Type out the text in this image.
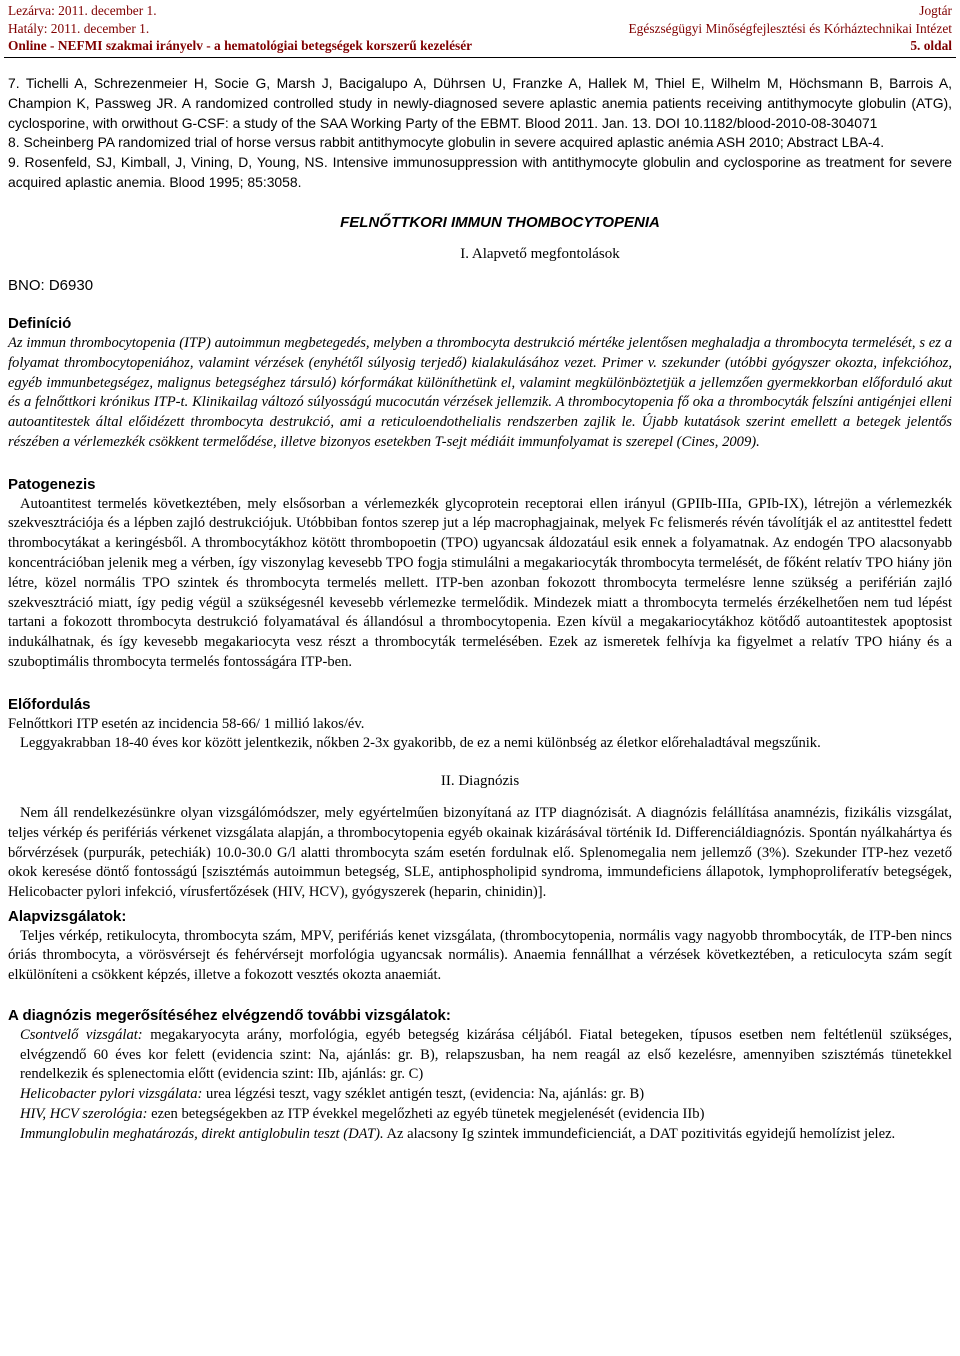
Lezárva: 2011. december 1.
Hatály: 2011. december 1.
Online - NEFMI szakmai irányelv - a hematológiai betegségek korszerű kezelésér
Jogtár
Egészségügyi Minőségfejlesztési és Kórháztechnikai Intézet
5. oldal

7. Tichelli A, Schrezenmeier H, Socie G, Marsh J, Bacigalupo A, Dührsen U, Franzke A, Hallek M, Thiel E, Wilhelm M, Höchsmann B, Barrois A, Champion K, Passweg JR. A randomized controlled study in newly-diagnosed severe aplastic anemia patients receiving antithymocyte globulin (ATG), cyclosporine, with orwithout G-CSF: a study of the SAA Working Party of the EBMT. Blood 2011. Jan. 13. DOI 10.1182/blood-2010-08-304071

8. Scheinberg PA randomized trial of horse versus rabbit antithymocyte globulin in severe acquired aplastic anémia ASH 2010; Abstract LBA-4.

9. Rosenfeld, SJ, Kimball, J, Vining, D, Young, NS. Intensive immunosuppression with antithymocyte globulin and cyclosporine as treatment for severe acquired aplastic anemia. Blood 1995; 85:3058.

FELNŐTTKORI IMMUN THOMBOCYTOPENIA
I. Alapvető megfontolások
BNO: D6930
Definíció

Az immun thrombocytopenia (ITP) autoimmun megbetegedés, melyben a thrombocyta destrukció mértéke jelentősen meghaladja a thrombocyta termelését, s ez a folyamat thrombocytopeniához, valamint vérzések (enyhétől súlyosig terjedő) kialakulásához vezet. Primer v. szekunder (utóbbi gyógyszer okozta, infekcióhoz, egyéb immunbetegségez, malignus betegséghez társuló) kórformákat különíthetünk el, valamint megkülönböztetjük a jellemzően gyermekkorban előforduló akut és a felnőttkori krónikus ITP-t. Klinikailag változó súlyosságú mucocután vérzések jellemzik. A thrombocytopenia fő oka a thrombocyták felszíni antigénjei elleni autoantitestek által előidézett thrombocyta destrukció, ami a reticuloendothelialis rendszerben zajlik le. Újabb kutatások szerint emellett a betegek jelentős részében a vérlemezkék csökkent termelődése, illetve bizonyos esetekben T-sejt médiáit immunfolyamat is szerepel (Cines, 2009).

Patogenezis

Autoantitest termelés következtében, mely elsősorban a vérlemezkék glycoprotein receptorai ellen irányul (GPIIb-IIIa, GPIb-IX), létrejön a vérlemezkék szekvesztrációja és a lépben zajló destrukciójuk. Utóbbiban fontos szerep jut a lép macrophagjainak, melyek Fc felismerés révén távolítják el az antitesttel fedett thrombocytákat a keringésből. A thrombocytákhoz kötött thrombopoetin (TPO) ugyancsak áldozatául esik ennek a folyamatnak. Az endogén TPO alacsonyabb koncentrációban jelenik meg a vérben, így viszonylag kevesebb TPO fogja stimulálni a megakariocyták thrombocyta termelését, de főként relatív TPO hiány jön létre, közel normális TPO szintek és thrombocyta termelés mellett. ITP-ben azonban fokozott thrombocyta termelésre lenne szükség a periférián zajló szekvesztráció miatt, így pedig végül a szükségesnél kevesebb vérlemezke termelődik. Mindezek miatt a thrombocyta termelés érzékelhetően nem tud lépést tartani a fokozott thrombocyta destrukció folyamatával és állandósul a thrombocytopenia. Ezen kívül a megakariocytákhoz kötődő autoantitestek apoptosist indukálhatnak, és így kevesebb megakariocyta vesz részt a thrombocyták termelésében. Ezek az ismeretek felhívja ka figyelmet a relatív TPO hiány és a szuboptimális thrombocyta termelés fontosságára ITP-ben.

Előfordulás

Felnőttkori ITP esetén az incidencia 58-66/ 1 millió lakos/év.

Leggyakrabban 18-40 éves kor között jelentkezik, nőkben 2-3x gyakoribb, de ez a nemi különbség az életkor előrehaladtával megszűnik.

II. Diagnózis

Nem áll rendelkezésünkre olyan vizsgálómódszer, mely egyértelműen bizonyítaná az ITP diagnózisát. A diagnózis felállítása anamnézis, fizikális vizsgálat, teljes vérkép és perifériás vérkenet vizsgálata alapján, a thrombocytopenia egyéb okainak kizárásával történik Id. Differenciáldiagnózis. Spontán nyálkahártya és bőrvérzések (purpurák, petechiák) 10.0-30.0 G/l alatti thrombocyta szám esetén fordulnak elő. Splenomegalia nem jellemző (3%). Szekunder ITP-hez vezető okok keresése döntő fontosságú [szisztémás autoimmun betegség, SLE, antiphospholipid syndroma, immundeficiens állapotok, lymphoproliferatív betegségek, Helicobacter pylori infekció, vírusfertőzések (HIV, HCV), gyógyszerek (heparin, chinidin)].

Alapvizsgálatok:

Teljes vérkép, retikulocyta, thrombocyta szám, MPV, perifériás kenet vizsgálata, (thrombocytopenia, normális vagy nagyobb thrombocyták, de ITP-ben nincs óriás thrombocyta, a vörösvérsejt és fehérvérsejt morfológia ugyancsak normális). Anaemia fennállhat a vérzések következtében, a reticulocyta szám segít elkülöníteni a csökkent képzés, illetve a fokozott vesztés okozta anaemiát.

A diagnózis megerősítéséhez elvégzendő további vizsgálatok:

Csontvelő vizsgálat: megakaryocyta arány, morfológia, egyéb betegség kizárása céljából. Fiatal betegeken, típusos esetben nem feltétlenül szükséges, elvégzendő 60 éves kor felett (evidencia szint: Na, ajánlás: gr. B), relapszusban, ha nem reagál az első kezelésre, amennyiben szisztémás tünetekkel rendelkezik és splenectomia előtt (evidencia szint: IIb, ajánlás: gr. C)

Helicobacter pylori vizsgálata: urea légzési teszt, vagy széklet antigén teszt, (evidencia: Na, ajánlás: gr. B)

HIV, HCV szerológia: ezen betegségekben az ITP évekkel megelőzheti az egyéb tünetek megjelenését (evidencia IIb)

Immunglobulin meghatározás, direkt antiglobulin teszt (DAT). Az alacsony Ig szintek immundeficienciát, a DAT pozitivitás egyidejű hemolízist jelez.
